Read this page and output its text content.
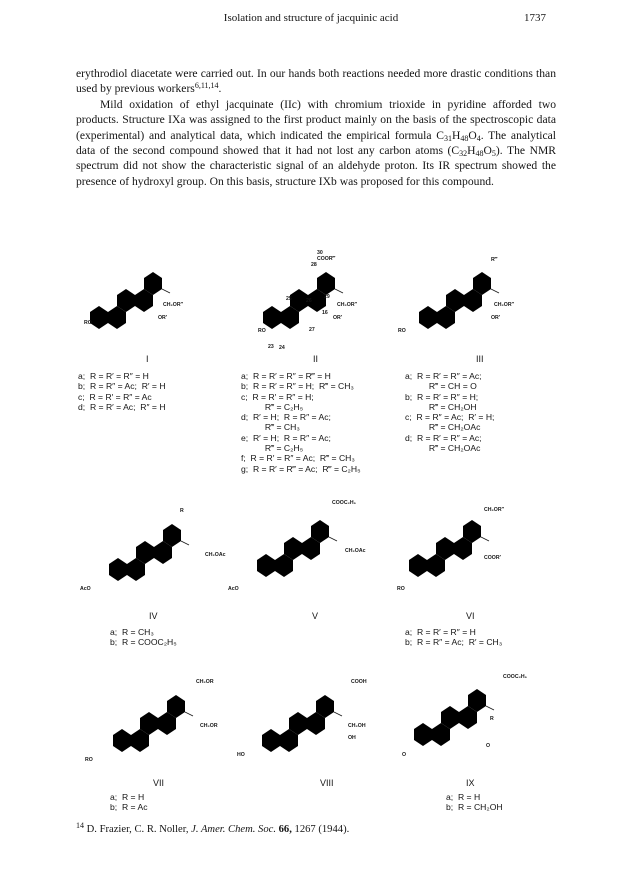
Isolation and structure of jacquinic acid	1737

erythrodiol diacetate were carried out. In our hands both reactions needed more drastic conditions than used by previous workers$^{6,11,14}$.

Mild oxidation of ethyl jacquinate (IIc) with chromium trioxide in pyridine afforded two products. Structure IXa was assigned to the first product mainly on the basis of the spectroscopic data (experimental) and analytical data, which indicated the empirical formula $C_{31}H_{48}O_4$. The analytical data of the second compound showed that it had not lost any carbon atoms $(C_{32}H_{48}O_5)$. The NMR spectrum did not show the characteristic signal of an aldehyde proton. Its IR spectrum showed the presence of hydroxyl group. On this basis, structure IXb was proposed for this compound.

CH₂OR″
OR′
RO
I
COOR‴
CH₂OR″
OR′
RO
30
29
28
25	26
27
23 24
16
II
R‴
CH₂OR″
OR′
RO
III
a;  R = R′ = R″ = H
b;  R = R″ = Ac;  R′ = H
c;  R = R′ = R″ = Ac
d;  R = R′ = Ac;  R″ = H
a;  R = R′ = R″ = R‴ = H
b;  R = R′ = R″ = H;  R‴ = CH₃
c;  R = R′ = R″ = H;
R‴ = C₂H₅
d;  R′ = H;  R = R″ = Ac;
R‴ = CH₃
e;  R′ = H;  R = R″ = Ac;
R‴ = C₂H₅
f;  R = R′ = R″ = Ac;  R‴ = CH₃
g;  R = R′ = R‴ = Ac;  R‴ = C₂H₅
a;  R = R′ = R″ = Ac;
R‴ = CH = O
b;  R = R′ = R″ = H;
R‴ = CH₂OH
c;  R = R″ = Ac;  R′ = H;
R‴ = CH₂OAc
d;  R = R′ = R″ = Ac;
R‴ = CH₂OAc
R
CH₂OAc
AcO
IV
COOC₂H₅
CH₂OAc
AcO
V
CH₂OR″
COOR′
RO
VI
a;  R = CH₃
b;  R = COOC₂H₅
a;  R = R′ = R″ = H
b;  R = R″ = Ac;  R′ = CH₃
CH₂OR
CH₂OR
RO
VII
COOH
CH₂OH
OH
HO
VIII
COOC₂H₅
R
O
O
IX
a;  R = H
b;  R = Ac
a;  R = H
b;  R = CH₂OH
$^{14}$ D. Frazier, C. R. Noller, J. Amer. Chem. Soc. 66, 1267 (1944).
